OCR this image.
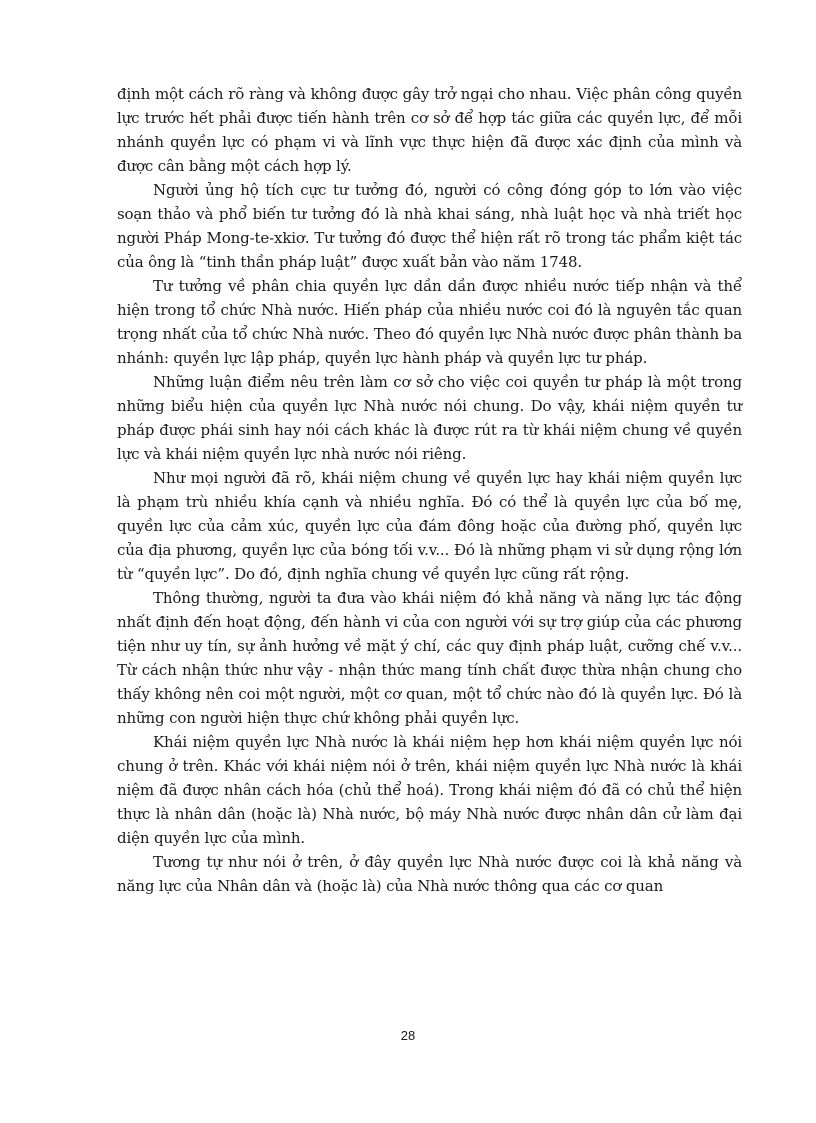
định một cách rõ ràng và không được gây trở ngại cho nhau. Việc phân công quyền lực trước hết phải được tiến hành trên cơ sở để hợp tác giữa các quyền lực, để mỗi nhánh quyền lực có phạm vi và lĩnh vực thực hiện đã được xác định của mình và được cân bằng một cách hợp lý.

Người ủng hộ tích cực tư tưởng đó, người có công đóng góp to lớn vào việc soạn thảo và phổ biến tư tưởng đó là nhà khai sáng, nhà luật học và nhà triết học người Pháp Mong-te-xkiơ. Tư tưởng đó được thể hiện rất rõ trong tác phẩm kiệt tác của ông là “tinh thần pháp luật” được xuất bản vào năm 1748.

Tư tưởng về phân chia quyền lực dần dần được nhiều nước tiếp nhận và thể hiện trong tổ chức Nhà nước. Hiến pháp của nhiều nước coi đó là nguyên tắc quan trọng nhất của tổ chức Nhà nước. Theo đó quyền lực Nhà nước được phân thành ba nhánh: quyền lực lập pháp, quyền lực hành pháp và quyền lực tư pháp.

Những luận điểm nêu trên làm cơ sở cho việc coi quyền tư pháp là một trong những biểu hiện của quyền lực Nhà nước nói chung. Do vậy, khái niệm quyền tư pháp được phái sinh hay nói cách khác là được rút ra từ khái niệm chung về quyền lực và khái niệm quyền lực nhà nước nói riêng.

Như mọi người đã rõ, khái niệm chung về quyền lực hay khái niệm quyền lực là phạm trù nhiều khía cạnh và nhiều nghĩa. Đó có thể là quyền lực của bố mẹ, quyền lực của cảm xúc, quyền lực của đám đông hoặc của đường phố, quyền lực của địa phương, quyền lực của bóng tối v.v... Đó là những phạm vi sử dụng rộng lớn từ “quyền lực”. Do đó, định nghĩa chung về quyền lực cũng rất rộng.

Thông thường, người ta đưa vào khái niệm đó khả năng và năng lực tác động nhất định đến hoạt động, đến hành vi của con người với sự trợ giúp của các phương tiện như uy tín, sự ảnh hưởng về mặt ý chí, các quy định pháp luật, cưỡng chế v.v... Từ cách nhận thức như vậy - nhận thức mang tính chất được thừa nhận chung cho thấy không nên coi một người, một cơ quan, một tổ chức nào đó là quyền lực. Đó là những con người hiện thực chứ không phải quyền lực.

Khái niệm quyền lực Nhà nước là khái niệm hẹp hơn khái niệm quyền lực nói chung ở trên. Khác với khái niệm nói ở trên, khái niệm quyền lực Nhà nước là khái niệm đã được nhân cách hóa (chủ thể hoá). Trong khái niệm đó đã có chủ thể hiện thực là nhân dân (hoặc là) Nhà nước, bộ máy Nhà nước được nhân dân cử làm đại diện quyền lực của mình.

Tương tự như nói ở trên, ở đây quyền lực Nhà nước được coi là khả năng và năng lực của Nhân dân và (hoặc là) của Nhà nước thông qua các cơ quan

28
